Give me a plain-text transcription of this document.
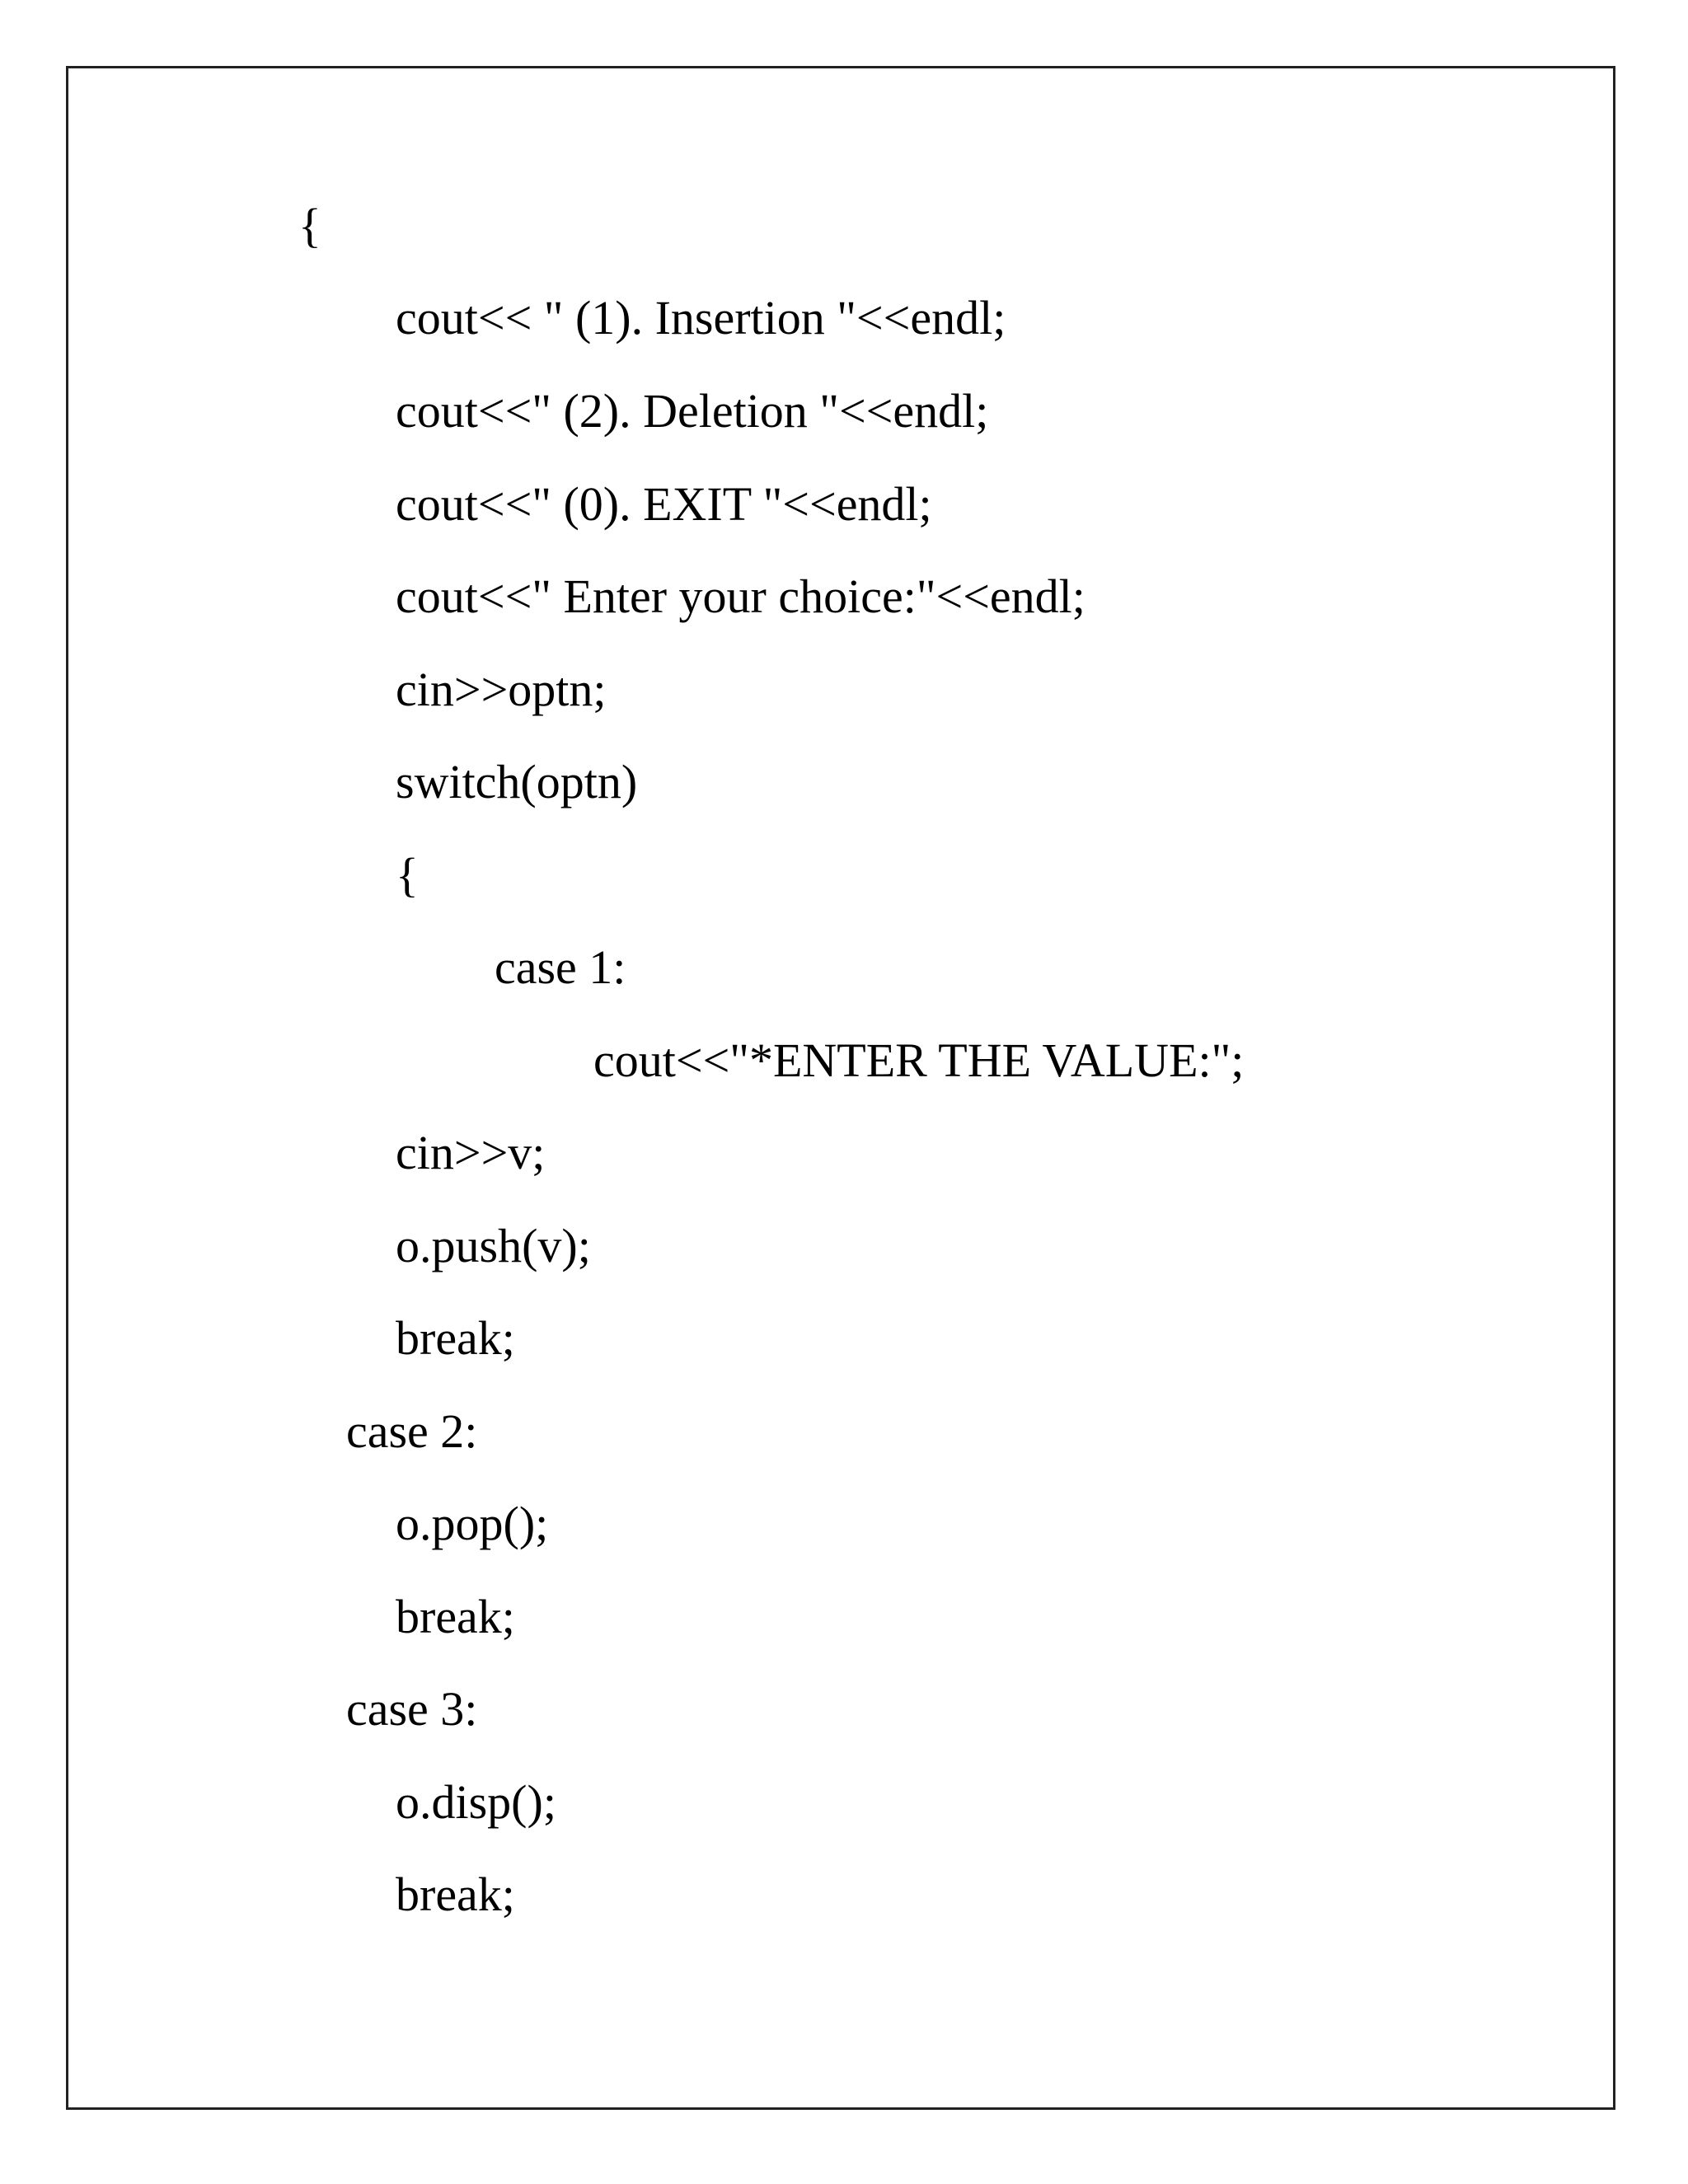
{

cout<< " (1). Insertion "<<endl;

cout<<" (2). Deletion "<<endl;

cout<<" (0). EXIT "<<endl;

cout<<" Enter your choice:"<<endl;

cin>>optn;

switch(optn)

{

case 1:

cout<<"*ENTER THE VALUE:";

cin>>v;

o.push(v);

break;

case 2:

o.pop();

break;

case 3:

o.disp();

break;
